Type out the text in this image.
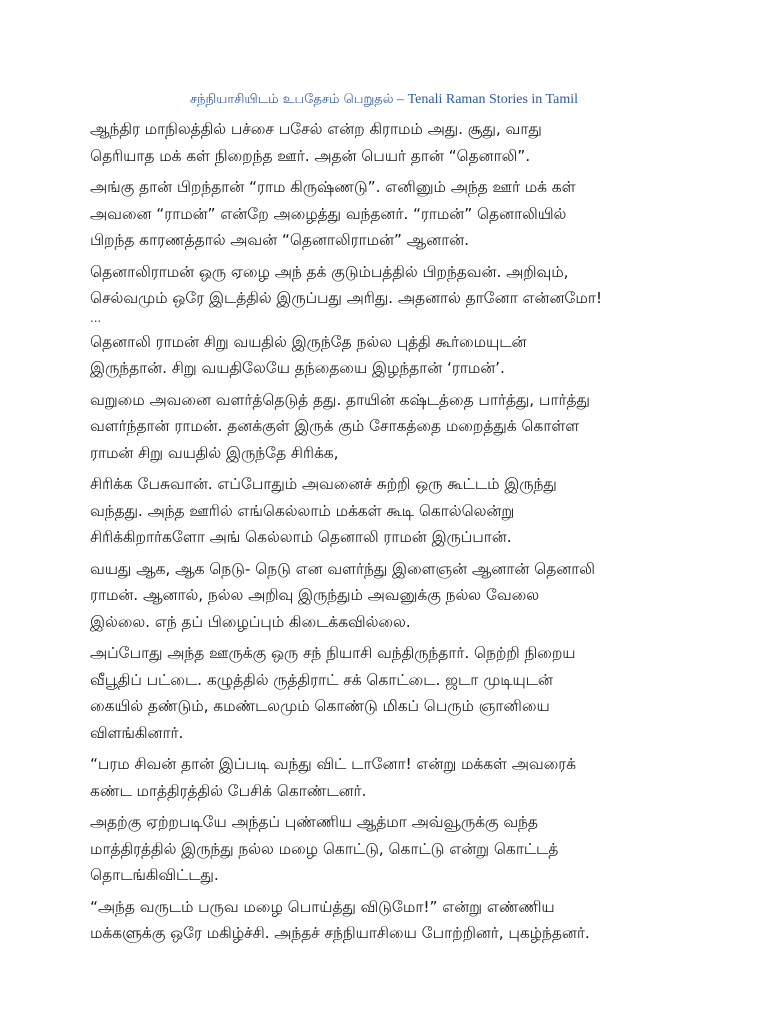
சந்நியாசியிடம் உபதேசம் பெறுதல் – Tenali Raman Stories in Tamil
ஆந்திர மாநிலத்தில் பச்சை பசேல் என்ற கிராமம் அது. சூது, வாது
தெரியாத மக் கள் நிறைந்த ஊர். அதன் பெயர் தான் “தெனாலி”.
அங்கு தான் பிறந்தான் “ராம கிருஷ்ணடு”. எனினும் அந்த ஊர் மக் கள்
அவனை “ராமன்” என்றே அழைத்து வந்தனர். “ராமன்” தெனாலியில்
பிறந்த காரணத்தால் அவன் “தெனாலிராமன்” ஆனான்.
தெனாலிராமன் ஒரு ஏழை அந் தக் குடும்பத்தில் பிறந்தவன். அறிவும்,
செல்வமும் ஒரே இடத்தில் இருப்பது அரிது. அதனால் தானோ என்னமோ!
...
தெனாலி ராமன் சிறு வயதில் இருந்தே நல்ல புத்தி கூர்மையுடன்
இருந்தான். சிறு வயதிலேயே தந்தையை இழந்தான் ‘ராமன்’.
வறுமை அவனை வளர்த்தெடுத் தது. தாயின் கஷ்டத்தை பார்த்து, பார்த்து
வளர்ந்தான் ராமன். தனக்குள் இருக் கும் சோகத்தை மறைத்துக் கொள்ள
ராமன் சிறு வயதில் இருந்தே சிரிக்க,
சிரிக்க பேசுவான். எப்போதும் அவனைச் சுற்றி ஒரு கூட்டம் இருந்து
வந்தது. அந்த ஊரில் எங்கெல்லாம் மக்கள் கூடி கொல்லென்று
சிரிக்கிறார்களோ அங் கெல்லாம் தெனாலி ராமன் இருப்பான்.
வயது ஆக, ஆக நெடு- நெடு என வளர்ந்து இளைஞன் ஆனான் தெனாலி
ராமன். ஆனால், நல்ல அறிவு இருந்தும் அவனுக்கு நல்ல வேலை
இல்லை. எந் தப் பிழைப்பும் கிடைக்கவில்லை.
அப்போது அந்த ஊருக்கு ஒரு சந் நியாசி வந்திருந்தார். நெற்றி நிறைய
வீபூதிப் பட்டை. கழுத்தில் ருத்திராட் சக் கொட்டை. ஜடா முடியுடன்
கையில் தண்டும், கமண்டலமும் கொண்டு மிகப் பெரும் ஞானியை
விளங்கினார்.
“பரம சிவன் தான் இப்படி வந்து விட் டானோ! என்று மக்கள் அவரைக்
கண்ட மாத்திரத்தில் பேசிக் கொண்டனர்.
அதற்கு ஏற்றபடியே அந்தப் புண்ணிய ஆத்மா அவ்வூருக்கு வந்த
மாத்திரத்தில் இருந்து நல்ல மழை கொட்டு, கொட்டு என்று கொட்டத்
தொடங்கிவிட்டது.
“அந்த வருடம் பருவ மழை பொய்த்து விடுமோ!” என்று எண்ணிய
மக்களுக்கு ஒரே மகிழ்ச்சி. அந்தச் சந்நியாசியை போற்றினர், புகழ்ந்தனர்.
